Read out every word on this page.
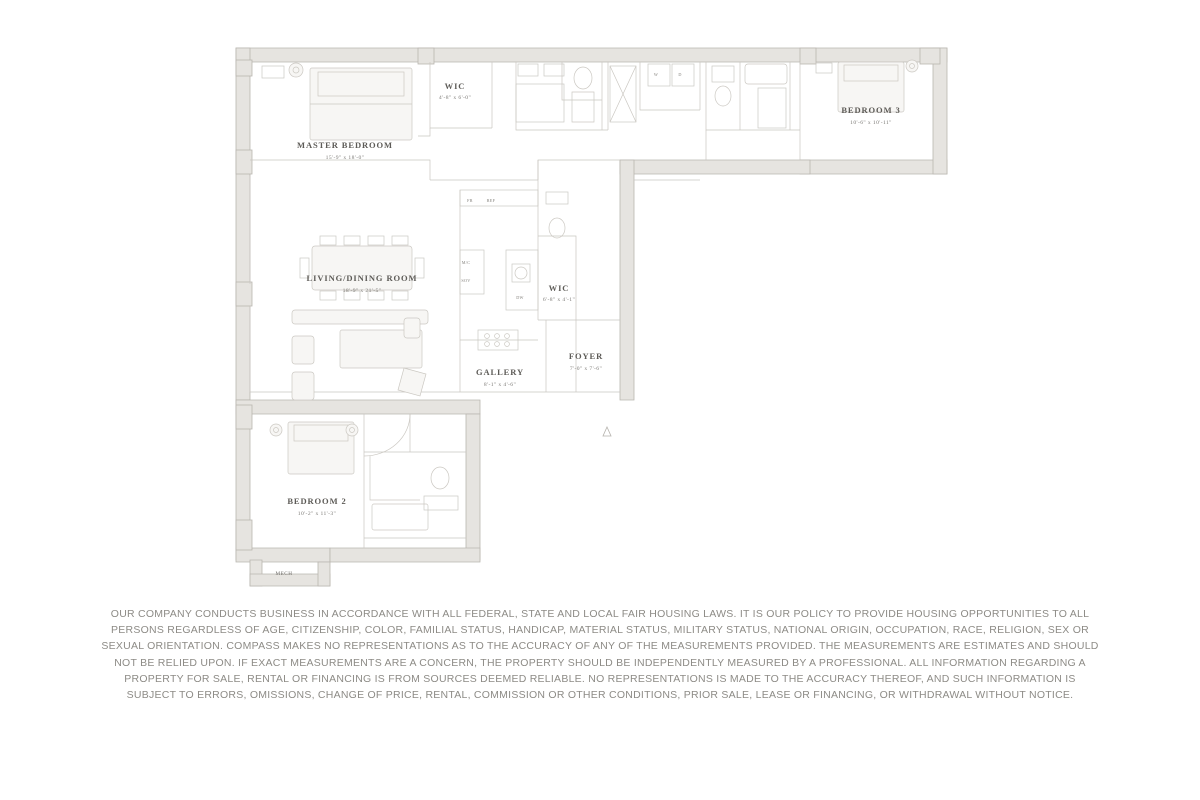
MASTER BEDROOM
15'-9" x 18'-0"
WIC
4'-8" x 6'-0"
BEDROOM 3
10'-6" x 10'-11"
LIVING/DINING ROOM
18'-9" x 21'-5"	WIC
6'-8" x 4'-1"
FOYER
7'-0" x 7'-6"
GALLERY
8'-1" x 4'-6"
BEDROOM 2
10'-2" x 11'-3"
FR	REF
M/C
SOV
DW
W	D
MECH
OUR COMPANY CONDUCTS BUSINESS IN ACCORDANCE WITH ALL FEDERAL, STATE AND LOCAL FAIR HOUSING LAWS. IT IS OUR POLICY TO PROVIDE HOUSING OPPORTUNITIES TO ALL PERSONS REGARDLESS OF AGE, CITIZENSHIP, COLOR, FAMILIAL STATUS, HANDICAP, MATERIAL STATUS, MILITARY STATUS, NATIONAL ORIGIN, OCCUPATION, RACE, RELIGION, SEX OR SEXUAL ORIENTATION. COMPASS MAKES NO REPRESENTATIONS AS TO THE ACCURACY OF ANY OF THE MEASUREMENTS PROVIDED. THE MEASUREMENTS ARE ESTIMATES AND SHOULD NOT BE RELIED UPON. IF EXACT MEASUREMENTS ARE A CONCERN, THE PROPERTY SHOULD BE INDEPENDENTLY MEASURED BY A PROFESSIONAL. ALL INFORMATION REGARDING A PROPERTY FOR SALE, RENTAL OR FINANCING IS FROM SOURCES DEEMED RELIABLE. NO REPRESENTATIONS IS MADE TO THE ACCURACY THEREOF, AND SUCH INFORMATION IS SUBJECT TO ERRORS, OMISSIONS, CHANGE OF PRICE, RENTAL, COMMISSION OR OTHER CONDITIONS, PRIOR SALE, LEASE OR FINANCING, OR WITHDRAWAL WITHOUT NOTICE.
